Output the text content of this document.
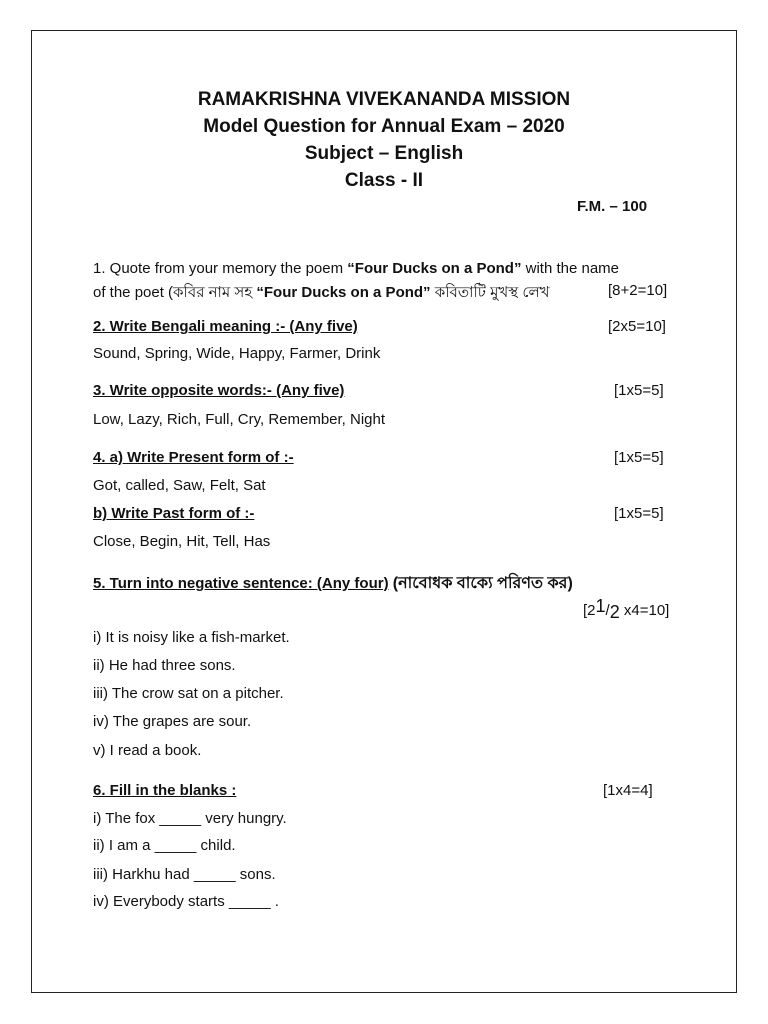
RAMAKRISHNA VIVEKANANDA MISSION
Model Question for Annual Exam – 2020
Subject – English
Class - II
F.M. – 100
1. Quote from your memory the poem “Four Ducks on a Pond” with the name
of the poet (কবির নাম সহ “Four Ducks on a Pond” কবিতাটি মুখস্থ লেখ	[8+2=10]
2. Write Bengali meaning :- (Any five)	[2x5=10]
Sound, Spring, Wide, Happy, Farmer, Drink
3. Write opposite words:- (Any five)	[1x5=5]
Low, Lazy, Rich, Full, Cry, Remember, Night
4. a) Write Present form of :-	[1x5=5]
Got, called, Saw, Felt, Sat
b) Write Past form of :-	[1x5=5]
Close, Begin, Hit, Tell, Has
5. Turn into negative sentence: (Any four) (নাবোধক বাক্যে পরিণত কর)
[21/2 x4=10]
i) It is noisy like a fish-market.
ii) He had three sons.
iii) The crow sat on a pitcher.
iv) The grapes are sour.
v) I read a book.
6. Fill in the blanks :	[1x4=4]
i) The fox _____ very hungry.
ii) I am a _____ child.
iii) Harkhu had _____ sons.
iv) Everybody starts _____ .
